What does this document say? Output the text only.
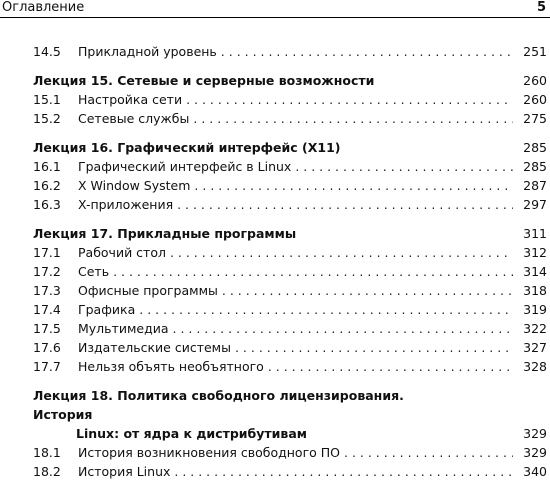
Оглавление	5
14.5	Прикладной уровень . . .	251
Лекция 15. Сетевые и серверные возможности	260
15.1	Настройка сети . . .	260
15.2	Сетевые службы . . .	275
Лекция 16. Графический интерфейс (X11)	285
16.1	Графический интерфейс в Linux . . .	285
16.2	X Window System . . .	287
16.3	X-приложения . . .	297
Лекция 17. Прикладные программы	311
17.1	Рабочий стол . . .	312
17.2	Сеть . . .	314
17.3	Офисные программы . . .	318
17.4	Графика . . .	319
17.5	Мультимедиа . . .	322
17.6	Издательские системы . . .	327
17.7	Нельзя объять необъятного . . .	328
Лекция 18. Политика свободного лицензирования. История
Linux: от ядра к дистрибутивам	329
18.1	История возникновения свободного ПО . . .	329
18.2	История Linux . . .	340
